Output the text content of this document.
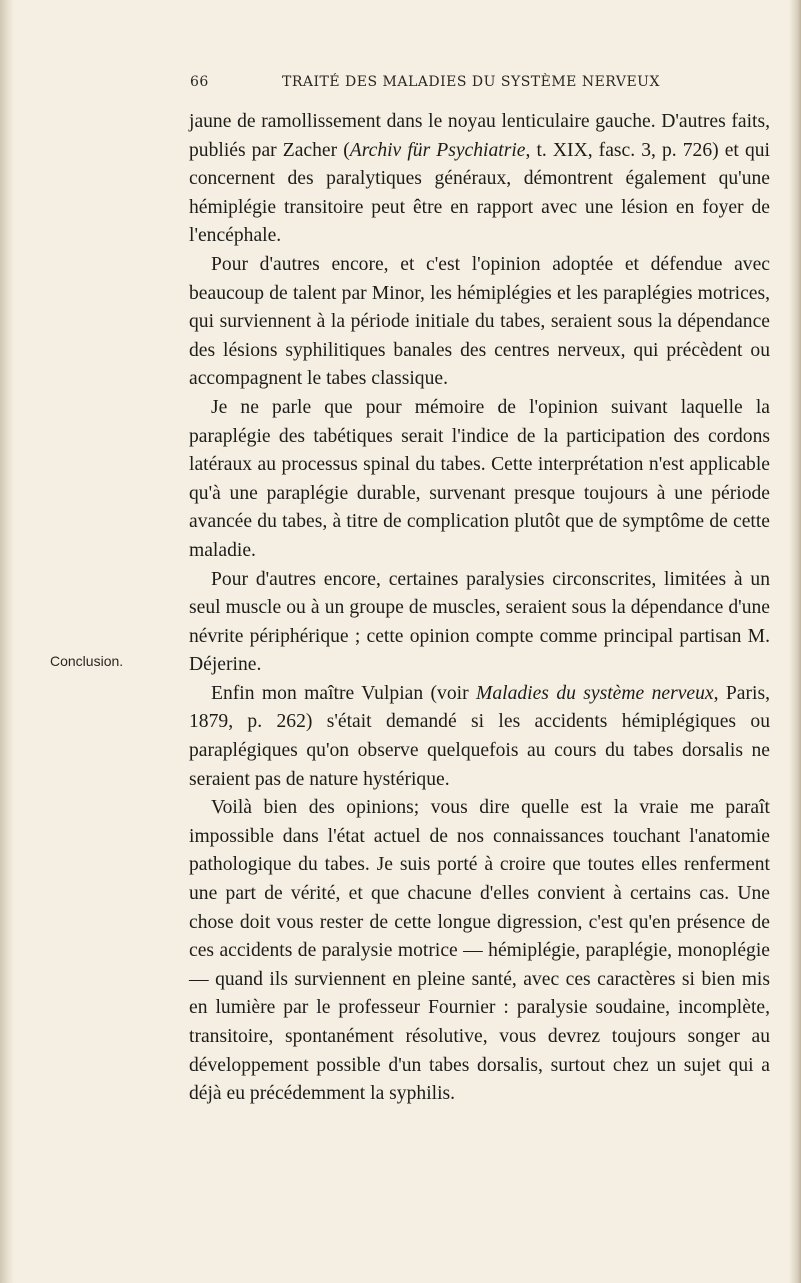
66	TRAITÉ DES MALADIES DU SYSTÈME NERVEUX
Conclusion.

jaune de ramollissement dans le noyau lenticulaire gauche. D'autres faits, publiés par Zacher (Archiv für Psychiatrie, t. XIX, fasc. 3, p. 726) et qui concernent des paralytiques généraux, démontrent également qu'une hémiplégie transitoire peut être en rapport avec une lésion en foyer de l'encéphale.

Pour d'autres encore, et c'est l'opinion adoptée et défendue avec beaucoup de talent par Minor, les hémiplégies et les paraplégies motrices, qui surviennent à la période initiale du tabes, seraient sous la dépendance des lésions syphilitiques banales des centres nerveux, qui précèdent ou accompagnent le tabes classique.

Je ne parle que pour mémoire de l'opinion suivant laquelle la paraplégie des tabétiques serait l'indice de la participation des cordons latéraux au processus spinal du tabes. Cette interprétation n'est applicable qu'à une paraplégie durable, survenant presque toujours à une période avancée du tabes, à titre de complication plutôt que de symptôme de cette maladie.

Pour d'autres encore, certaines paralysies circonscrites, limitées à un seul muscle ou à un groupe de muscles, seraient sous la dépendance d'une névrite périphérique ; cette opinion compte comme principal partisan M. Déjerine.

Enfin mon maître Vulpian (voir Maladies du système nerveux, Paris, 1879, p. 262) s'était demandé si les accidents hémiplégiques ou paraplégiques qu'on observe quelquefois au cours du tabes dorsalis ne seraient pas de nature hystérique.

Voilà bien des opinions; vous dire quelle est la vraie me paraît impossible dans l'état actuel de nos connaissances touchant l'anatomie pathologique du tabes. Je suis porté à croire que toutes elles renferment une part de vérité, et que chacune d'elles convient à certains cas. Une chose doit vous rester de cette longue digression, c'est qu'en présence de ces accidents de paralysie motrice — hémiplégie, paraplégie, monoplégie — quand ils surviennent en pleine santé, avec ces caractères si bien mis en lumière par le professeur Fournier : paralysie soudaine, incomplète, transitoire, spontanément résolutive, vous devrez toujours songer au développement possible d'un tabes dorsalis, surtout chez un sujet qui a déjà eu précédemment la syphilis.
